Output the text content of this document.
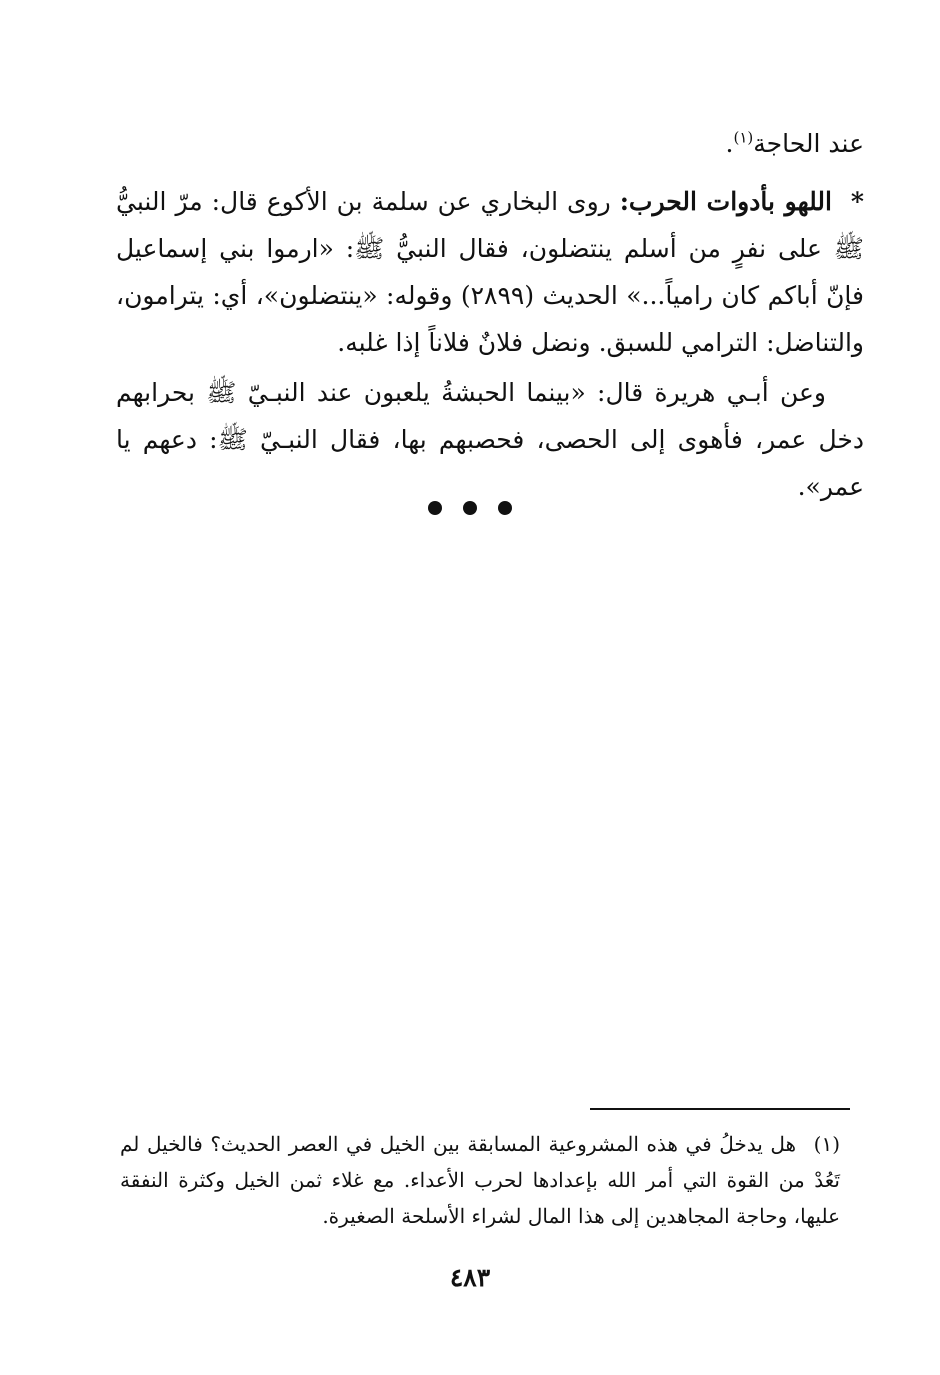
عند الحاجة$^{(١)}$.
* اللهو بأدوات الحرب: روى البخاري عن سلمة بن الأكوع قال: مرّ النبيُّ ﷺ على نفرٍ من أسلم ينتضلون، فقال النبيُّ ﷺ: «ارموا بني إسماعيل فإنّ أباكم كان رامياً...» الحديث (٢٨٩٩) وقوله: «ينتضلون»، أي: يترامون، والتناضل: الترامي للسبق. ونضل فلانٌ فلاناً إذا غلبه.
وعن أبـي هريرة قال: «بينما الحبشةُ يلعبون عند النبـيّ ﷺ بحرابهم دخل عمر، فأهوى إلى الحصى، فحصبهم بها، فقال النبـيّ ﷺ: دعهم يا عمر».

(١) هل يدخلُ في هذه المشروعية المسابقة بين الخيل في العصر الحديث؟ فالخيل لم تَعُدْ من القوة التي أمر الله بإعدادها لحرب الأعداء. مع غلاء ثمن الخيل وكثرة النفقة عليها، وحاجة المجاهدين إلى هذا المال لشراء الأسلحة الصغيرة.
٤٨٣
